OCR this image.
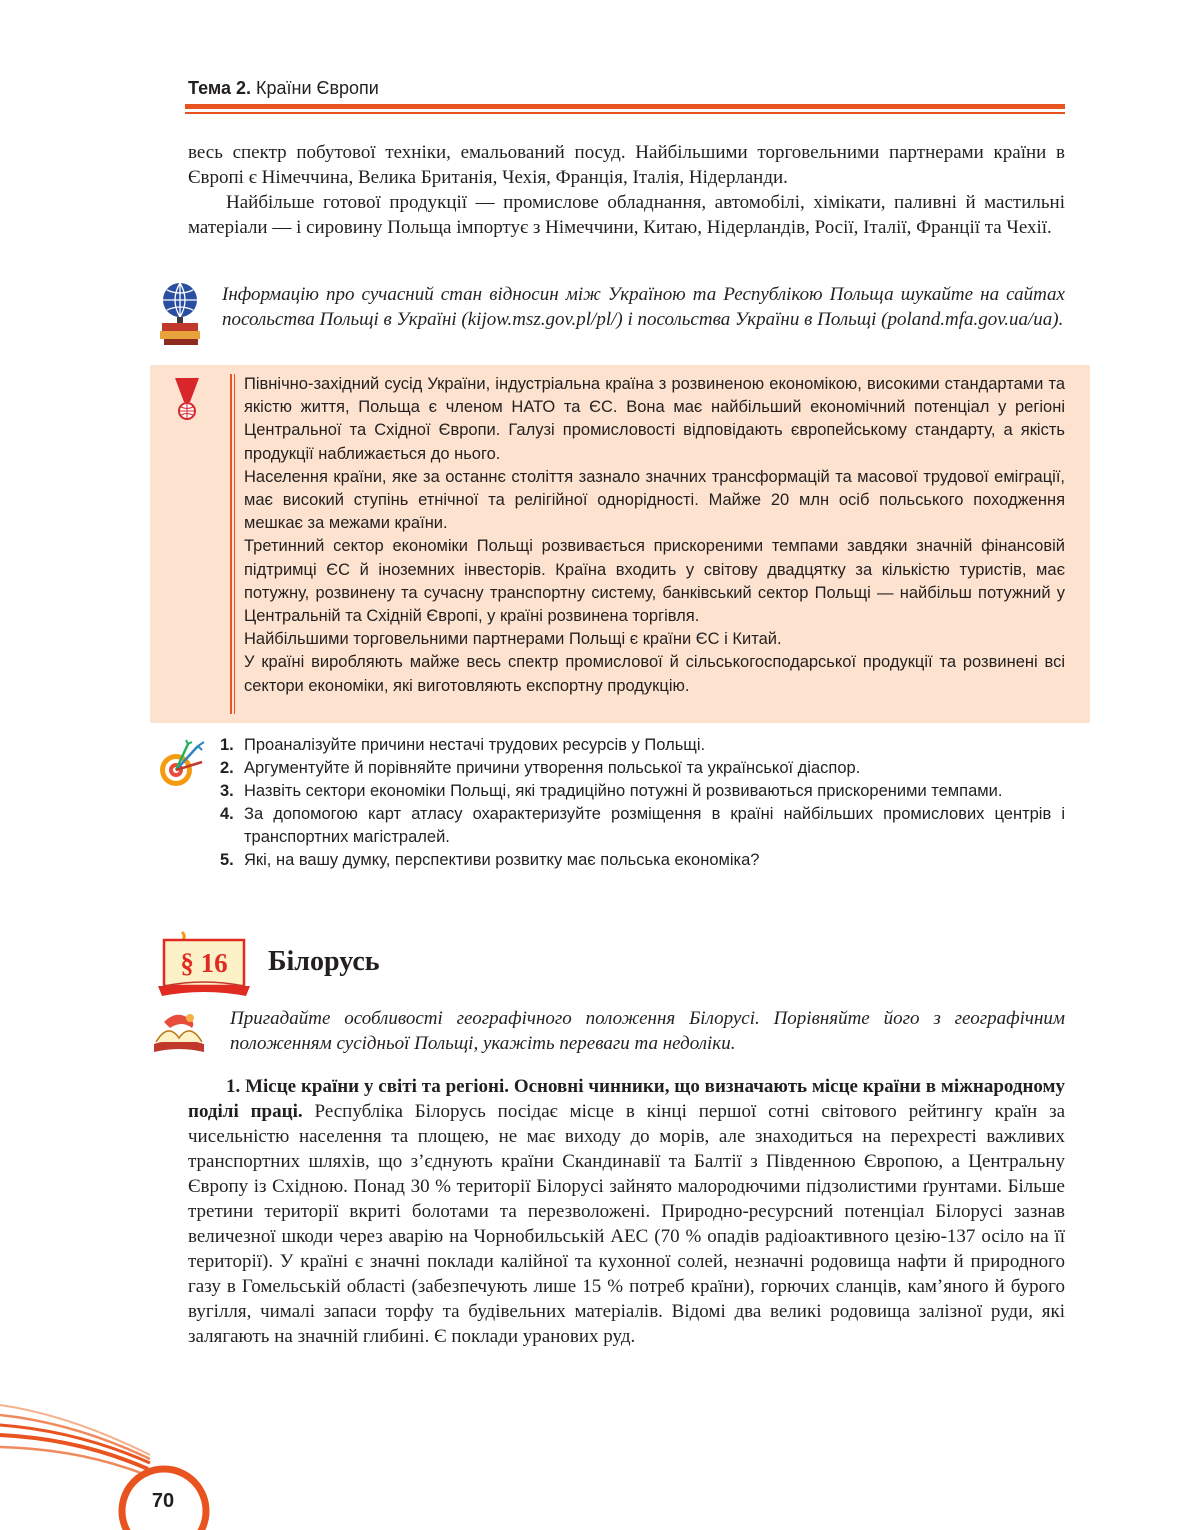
Тема 2. Країни Європи

весь спектр побутової техніки, емальований посуд. Найбільшими торговельними партнерами країни в Європі є Німеччина, Велика Британія, Чехія, Франція, Італія, Нідерланди.

Найбільше готової продукції — промислове обладнання, автомобілі, хімікати, паливні й мастильні матеріали — і сировину Польща імпортує з Німеччини, Китаю, Нідерландів, Росії, Італії, Франції та Чехії.

Інформацію про сучасний стан відносин між Україною та Республікою Польща шукайте на сайтах посольства Польщі в Україні (kijow.msz.gov.pl/pl/) і посольства України в Польщі (poland.mfa.gov.ua/ua).

Північно-західний сусід України, індустріальна країна з розвиненою економікою, високими стандартами та якістю життя, Польща є членом НАТО та ЄС. Вона має найбільший економічний потенціал у регіоні Центральної та Східної Європи. Галузі промисловості відповідають європейському стандарту, а якість продукції наближається до нього.

Населення країни, яке за останнє століття зазнало значних трансформацій та масової трудової еміграції, має високий ступінь етнічної та релігійної однорідності. Майже 20 млн осіб польського походження мешкає за межами країни.

Третинний сектор економіки Польщі розвивається прискореними темпами завдяки значній фінансовій підтримці ЄС й іноземних інвесторів. Країна входить у світову двадцятку за кількістю туристів, має потужну, розвинену та сучасну транспортну систему, банківський сектор Польщі — найбільш потужний у Центральній та Східній Європі, у країні розвинена торгівля.

Найбільшими торговельними партнерами Польщі є країни ЄС і Китай.

У країні виробляють майже весь спектр промислової й сільськогосподарської продукції та розвинені всі сектори економіки, які виготовляють експортну продукцію.

1. Проаналізуйте причини нестачі трудових ресурсів у Польщі.
2. Аргументуйте й порівняйте причини утворення польської та української діаспор.
3. Назвіть сектори економіки Польщі, які традиційно потужні й розвиваються прискореними темпами.
4. За допомогою карт атласу охарактеризуйте розміщення в країні найбільших промислових центрів і транспортних магістралей.
5. Які, на вашу думку, перспективи розвитку має польська економіка?
§ 16 Білорусь

Пригадайте особливості географічного положення Білорусі. Порівняйте його з географічним положенням сусідньої Польщі, укажіть переваги та недоліки.

1. Місце країни у світі та регіоні. Основні чинники, що визначають місце країни в міжнародному поділі праці. Республіка Білорусь посідає місце в кінці першої сотні світового рейтингу країн за чисельністю населення та площею, не має виходу до морів, але знаходиться на перехресті важливих транспортних шляхів, що з’єднують країни Скандинавії та Балтії з Південною Європою, а Центральну Європу із Східною. Понад 30 % території Білорусі зайнято малородючими підзолистими ґрунтами. Більше третини території вкриті болотами та перезволожені. Природно-ресурсний потенціал Білорусі зазнав величезної шкоди через аварію на Чорнобильській АЕС (70 % опадів радіоактивного цезію-137 осіло на її території). У країні є значні поклади калійної та кухонної солей, незначні родовища нафти й природного газу в Гомельській області (забезпечують лише 15 % потреб країни), горючих сланців, кам’яного й бурого вугілля, чималі запаси торфу та будівельних матеріалів. Відомі два великі родовища залізної руди, які залягають на значній глибині. Є поклади уранових руд.

70
